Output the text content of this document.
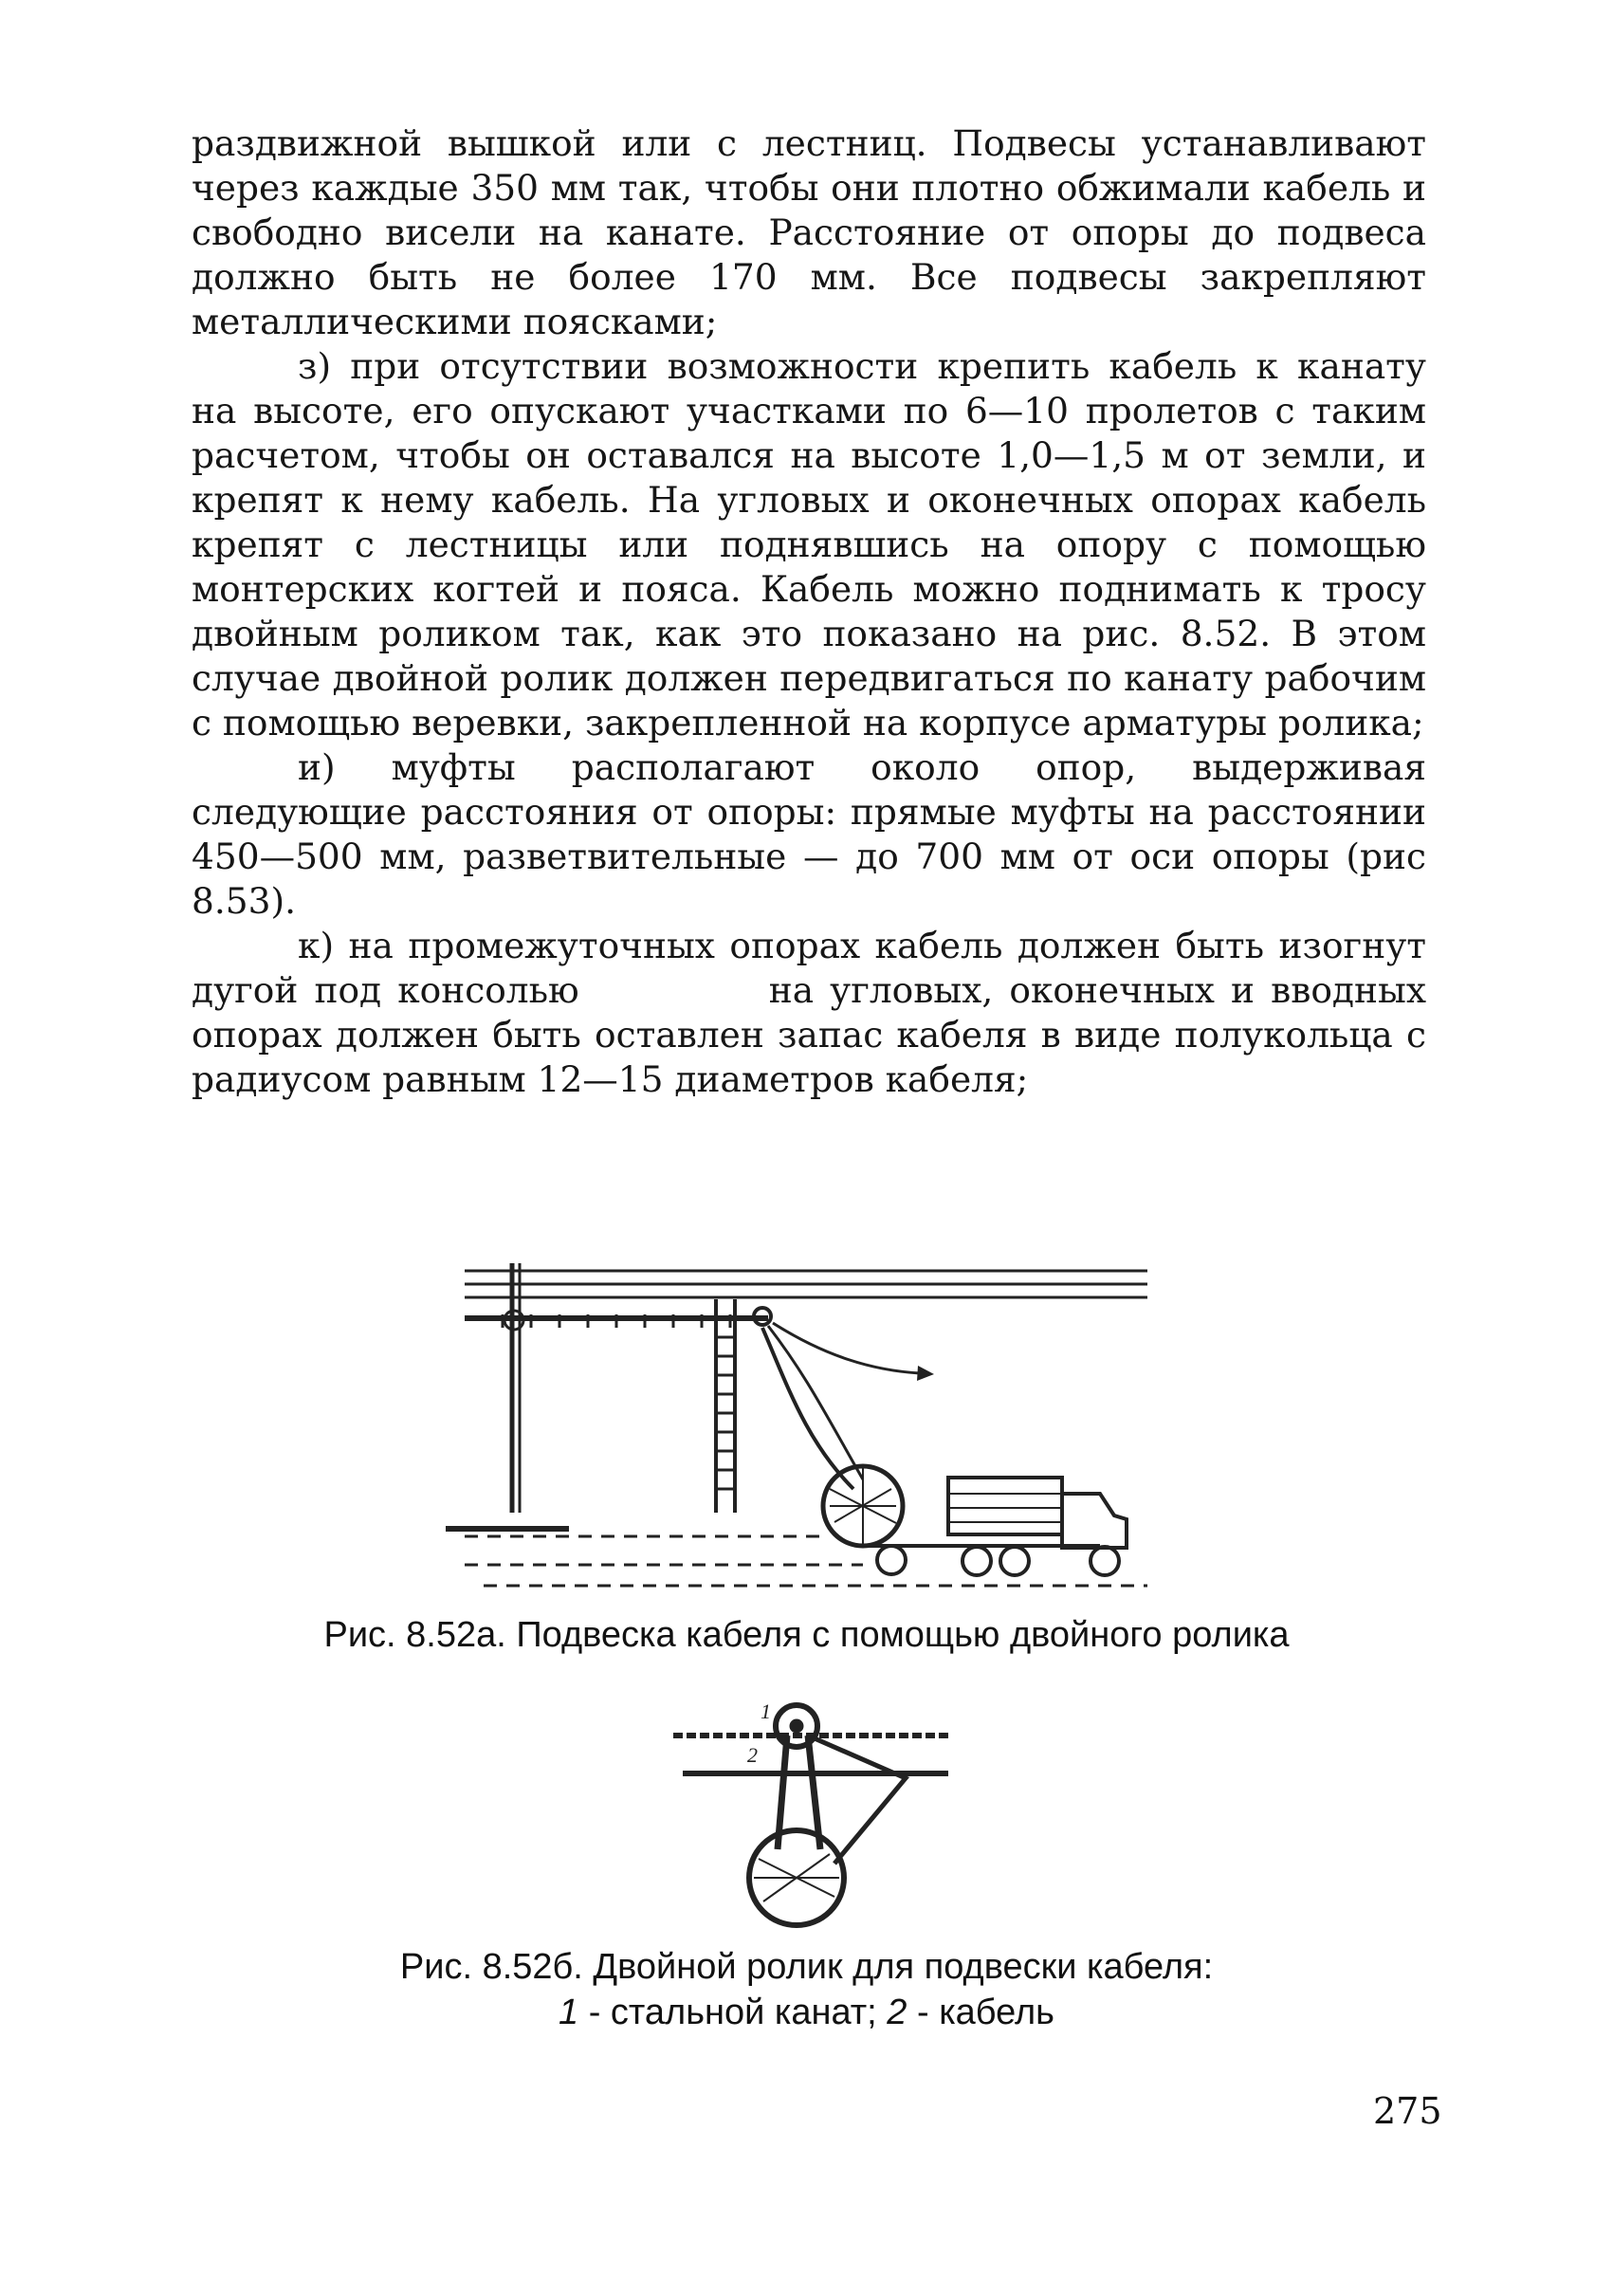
раздвижной вышкой или с лестниц. Подвесы устанавливают через каждые 350 мм так, чтобы они плотно обжимали кабель и свободно висели на канате. Расстояние от опоры до подвеса должно быть не более 170 мм. Все подвесы закрепляют металлическими поясками;

з) при отсутствии возможности крепить кабель к канату на высоте, его опускают участками по 6—10 пролетов с таким расчетом, чтобы он оставался на высоте 1,0—1,5 м от земли, и крепят к нему кабель. На угловых и оконечных опорах кабель крепят с лестницы или поднявшись на опору с помощью монтерских когтей и пояса. Кабель можно поднимать к тросу двойным роликом так, как это показано на рис. 8.52. В этом случае двойной ролик должен передвигаться по канату рабочим с помощью веревки, закрепленной на корпусе арматуры ролика;

и) муфты располагают около опор, выдерживая следующие расстояния от опоры: прямые муфты на расстоянии 450—500 мм, разветвительные — до 700 мм от оси опоры (рис 8.53).

к) на промежуточных опорах кабель должен быть изогнут дугой под консолью	на угловых, оконечных и вводных опорах должен быть оставлен запас кабеля в виде полукольца с радиусом равным 12—15 диаметров кабеля;

Рис. 8.52а. Подвеска кабеля с помощью двойного ролика
1
2
Рис. 8.52б. Двойной ролик для подвески кабеля:
1 - стальной канат; 2 - кабель
275
